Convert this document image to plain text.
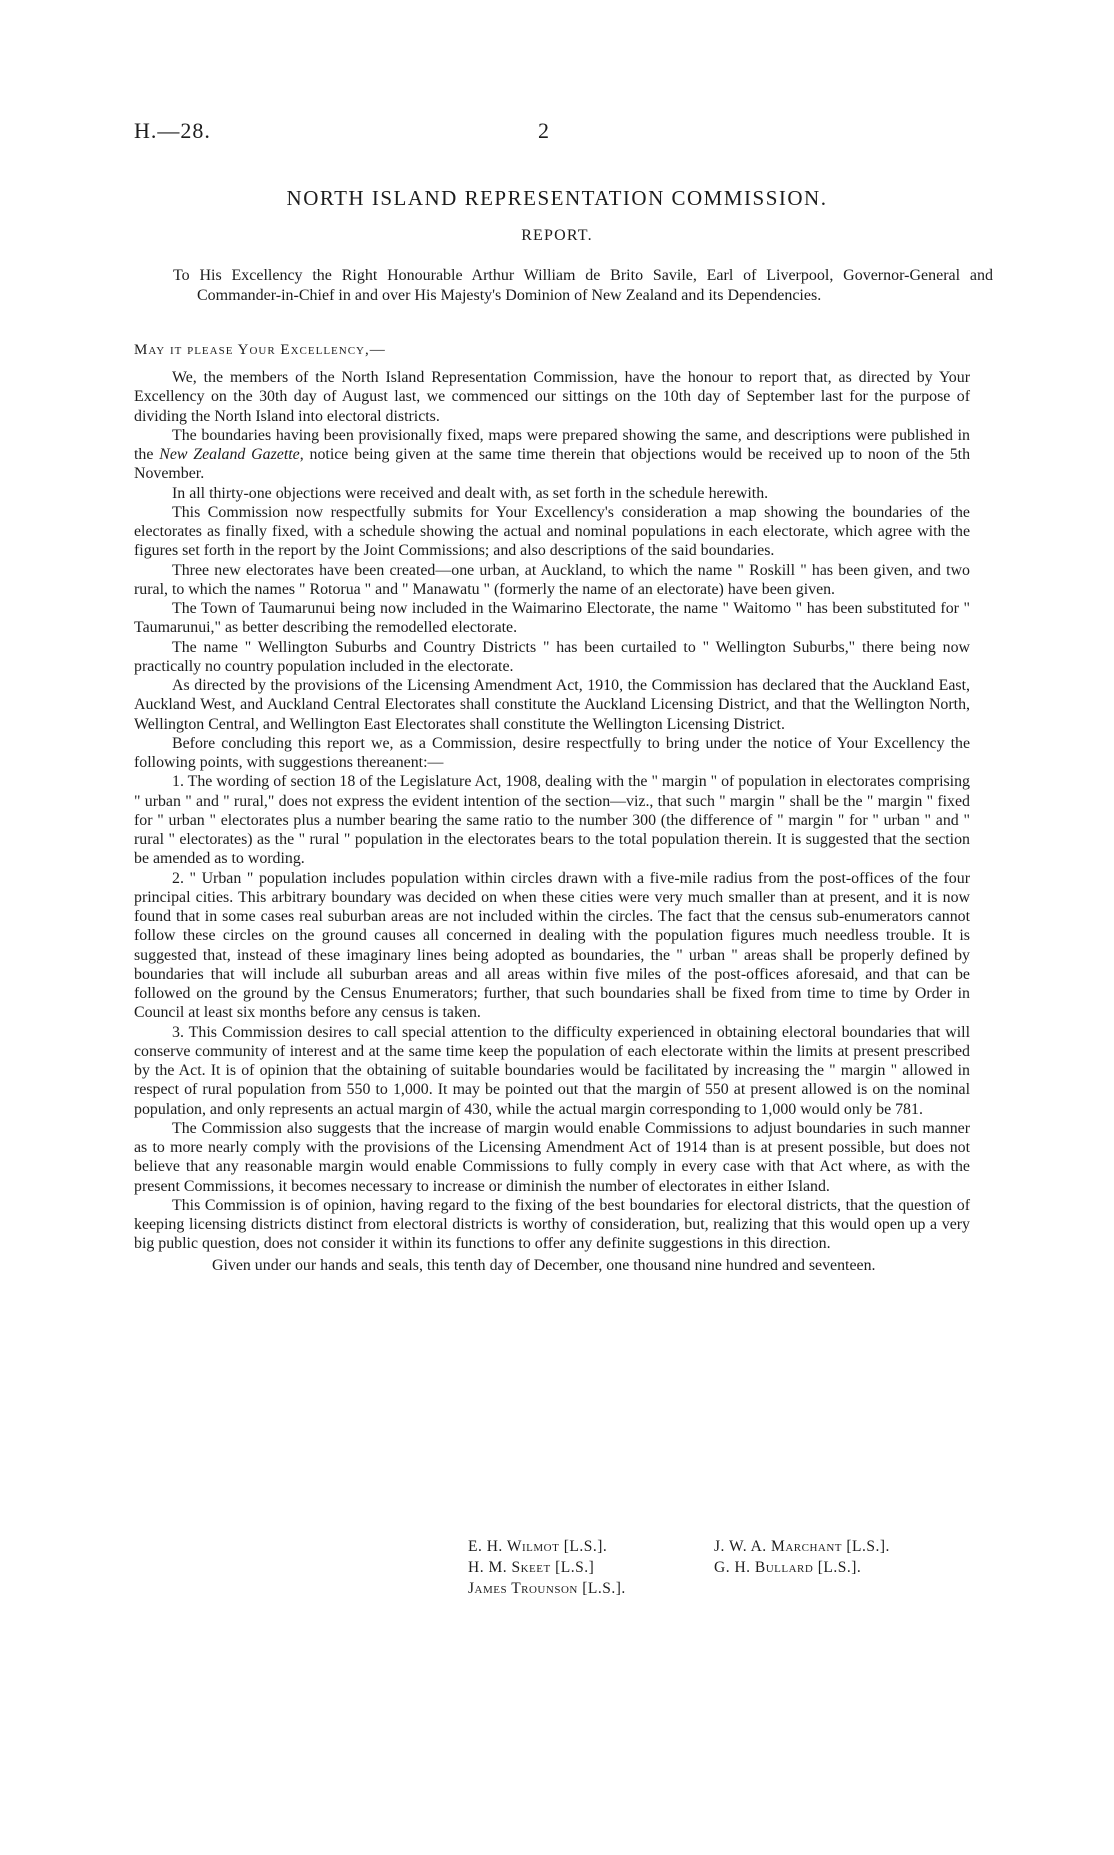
H.—28.	2
NORTH ISLAND REPRESENTATION COMMISSION.
REPORT.
To His Excellency the Right Honourable Arthur William de Brito Savile, Earl of Liverpool, Governor-General and Commander-in-Chief in and over His Majesty's Dominion of New Zealand and its Dependencies.
May it please Your Excellency,—

We, the members of the North Island Representation Commission, have the honour to report that, as directed by Your Excellency on the 30th day of August last, we commenced our sittings on the 10th day of September last for the purpose of dividing the North Island into electoral districts.

The boundaries having been provisionally fixed, maps were prepared showing the same, and descriptions were published in the New Zealand Gazette, notice being given at the same time therein that objections would be received up to noon of the 5th November.

In all thirty-one objections were received and dealt with, as set forth in the schedule herewith.

This Commission now respectfully submits for Your Excellency's consideration a map showing the boundaries of the electorates as finally fixed, with a schedule showing the actual and nominal populations in each electorate, which agree with the figures set forth in the report by the Joint Commissions; and also descriptions of the said boundaries.

Three new electorates have been created—one urban, at Auckland, to which the name " Roskill " has been given, and two rural, to which the names " Rotorua " and " Manawatu " (formerly the name of an electorate) have been given.

The Town of Taumarunui being now included in the Waimarino Electorate, the name " Waitomo " has been substituted for " Taumarunui," as better describing the remodelled electorate.

The name " Wellington Suburbs and Country Districts " has been curtailed to " Wellington Suburbs," there being now practically no country population included in the electorate.

As directed by the provisions of the Licensing Amendment Act, 1910, the Commission has declared that the Auckland East, Auckland West, and Auckland Central Electorates shall constitute the Auckland Licensing District, and that the Wellington North, Wellington Central, and Wellington East Electorates shall constitute the Wellington Licensing District.

Before concluding this report we, as a Commission, desire respectfully to bring under the notice of Your Excellency the following points, with suggestions thereanent:—

1. The wording of section 18 of the Legislature Act, 1908, dealing with the " margin " of population in electorates comprising " urban " and " rural," does not express the evident intention of the section—viz., that such " margin " shall be the " margin " fixed for " urban " electorates plus a number bearing the same ratio to the number 300 (the difference of " margin " for " urban " and " rural " electorates) as the " rural " population in the electorates bears to the total population therein. It is suggested that the section be amended as to wording.

2. " Urban " population includes population within circles drawn with a five-mile radius from the post-offices of the four principal cities. This arbitrary boundary was decided on when these cities were very much smaller than at present, and it is now found that in some cases real suburban areas are not included within the circles. The fact that the census sub-enumerators cannot follow these circles on the ground causes all concerned in dealing with the population figures much needless trouble. It is suggested that, instead of these imaginary lines being adopted as boundaries, the " urban " areas shall be properly defined by boundaries that will include all suburban areas and all areas within five miles of the post-offices aforesaid, and that can be followed on the ground by the Census Enumerators; further, that such boundaries shall be fixed from time to time by Order in Council at least six months before any census is taken.

3. This Commission desires to call special attention to the difficulty experienced in obtaining electoral boundaries that will conserve community of interest and at the same time keep the population of each electorate within the limits at present prescribed by the Act. It is of opinion that the obtaining of suitable boundaries would be facilitated by increasing the " margin " allowed in respect of rural population from 550 to 1,000. It may be pointed out that the margin of 550 at present allowed is on the nominal population, and only represents an actual margin of 430, while the actual margin corresponding to 1,000 would only be 781.

The Commission also suggests that the increase of margin would enable Commissions to adjust boundaries in such manner as to more nearly comply with the provisions of the Licensing Amendment Act of 1914 than is at present possible, but does not believe that any reasonable margin would enable Commissions to fully comply in every case with that Act where, as with the present Commissions, it becomes necessary to increase or diminish the number of electorates in either Island.

This Commission is of opinion, having regard to the fixing of the best boundaries for electoral districts, that the question of keeping licensing districts distinct from electoral districts is worthy of consideration, but, realizing that this would open up a very big public question, does not consider it within its functions to offer any definite suggestions in this direction.

Given under our hands and seals, this tenth day of December, one thousand nine hundred and seventeen.

E. H. Wilmot [L.S.].
H. M. Skeet [L.S.]
James Trounson [L.S.].
J. W. A. Marchant [L.S.].
G. H. Bullard [L.S.].
